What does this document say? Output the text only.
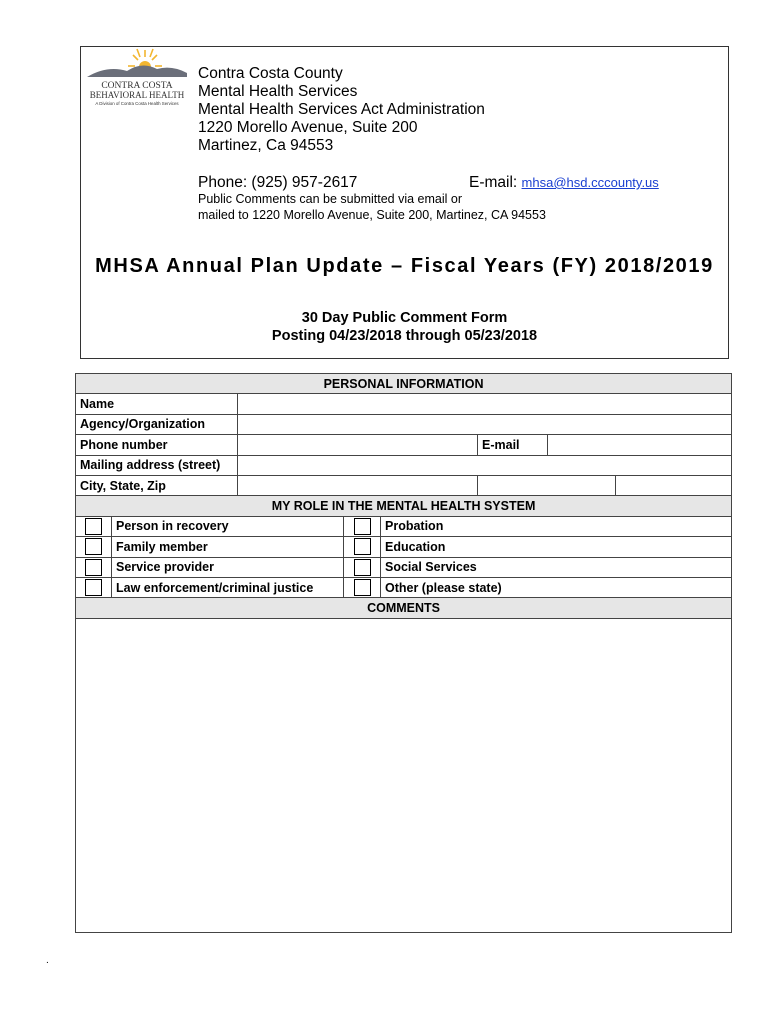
CONTRA COSTA
BEHAVIORAL HEALTH
A Division of Contra Costa Health Services
Contra Costa County
Mental Health Services
Mental Health Services Act Administration
1220 Morello Avenue, Suite 200
Martinez, Ca 94553
Phone: (925) 957-2617	E-mail: mhsa@hsd.cccounty.us
Public Comments can be submitted via email or
mailed to 1220 Morello Avenue, Suite 200, Martinez, CA 94553
MHSA Annual Plan Update – Fiscal Years (FY) 2018/2019
30 Day Public Comment Form
Posting 04/23/2018 through 05/23/2018
PERSONAL INFORMATION							
Name							
Agency/Organization							
Phone number					E-mail		
Mailing address (street)							
City, State, Zip							
MY ROLE IN THE MENTAL HEALTH SYSTEM							
	Person in recovery			Probation			
	Family member			Education			
	Service provider			Social Services			
	Law enforcement/criminal justice			Other (please state)			
COMMENTS							

.
